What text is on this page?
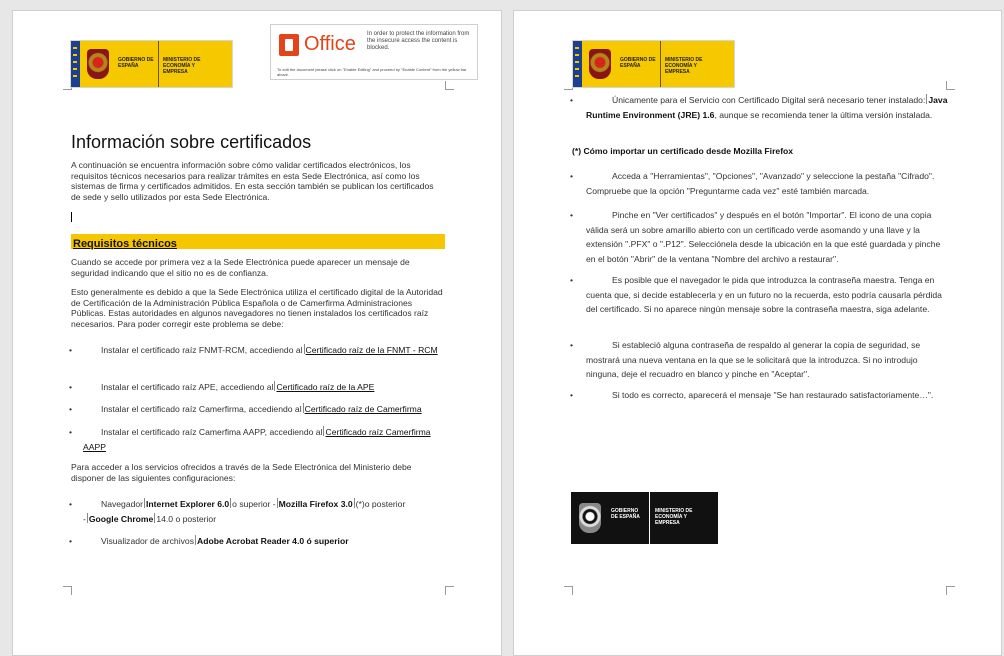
GOBIERNO DE ESPAÑA
MINISTERIO DE ECONOMÍA Y EMPRESA
Office In order to protect the information from the insecure access the content is blocked.
To edit the document please click on "Enable Editing" and proceed by "Enable Content" from the yellow bar above.
Información sobre certificados
A continuación se encuentra información sobre cómo validar certificados electrónicos, los requisitos técnicos necesarios para realizar trámites en esta Sede Electrónica, así como los sistemas de firma y certificados admitidos. En esta sección también se publican los certificados de sede y sello utilizados por esta Sede Electrónica.
Requisitos técnicos
Cuando se accede por primera vez a la Sede Electrónica puede aparecer un mensaje de seguridad indicando que el sitio no es de confianza.
Esto generalmente es debido a que la Sede Electrónica utiliza el certificado digital de la Autoridad de Certificación de la Administración Pública Española o de Camerfirma Administraciones Públicas. Estas autoridades en algunos navegadores no tienen instalados los certificados raíz necesarios. Para poder corregir este problema se debe:
•	Instalar el certificado raíz FNMT-RCM, accediendo al Certificado raíz de la FNMT - RCM
•	Instalar el certificado raíz APE, accediendo al Certificado raíz de la APE
•	Instalar el certificado raíz Camerfirma, accediendo al Certificado raíz de Camerfirma
•	Instalar el certificado raíz Camerfima AAPP, accediendo al Certificado raíz Camerfirma AAPP
Para acceder a los servicios ofrecidos a través de la Sede Electrónica del Ministerio debe disponer de las siguientes configuraciones:
•	Navegador Internet Explorer 6.0 o superior - Mozilla Firefox 3.0 (*)o posterior
- Google Chrome 14.0 o posterior
•	Visualizador de archivos Adobe Acrobat Reader 4.0 ó superior
GOBIERNO DE ESPAÑA
MINISTERIO DE ECONOMÍA Y EMPRESA
•	Únicamente para el Servicio con Certificado Digital será necesario tener instalado: Java Runtime Environment (JRE) 1.6, aunque se recomienda tener la última versión instalada.
(*) Cómo importar un certificado desde Mozilla Firefox
•	Acceda a "Herramientas", "Opciones", "Avanzado" y seleccione la pestaña "Cifrado". Compruebe que la opción "Preguntarme cada vez" esté también marcada.
•	Pinche en "Ver certificados" y después en el botón "Importar". El icono de una copia válida será un sobre amarillo abierto con un certificado verde asomando y una llave y la extensión ".PFX" o ".P12". Selecciónela desde la ubicación en la que esté guardada y pinche en el botón "Abrir" de la ventana "Nombre del archivo a restaurar".
•	Es posible que el navegador le pida que introduzca la contraseña maestra. Tenga en cuenta que, si decide establecerla y en un futuro no la recuerda, esto podría causarla pérdida del certificado. Si no aparece ningún mensaje sobre la contraseña maestra, siga adelante.
•	Si estableció alguna contraseña de respaldo al generar la copia de seguridad, se mostrará una nueva ventana en la que se le solicitará que la introduzca. Si no introdujo ninguna, deje el recuadro en blanco y pinche en "Aceptar".
•	Si todo es correcto, aparecerá el mensaje "Se han restaurado satisfactoriamente…".
GOBIERNO DE ESPAÑA
MINISTERIO DE ECONOMÍA Y EMPRESA
